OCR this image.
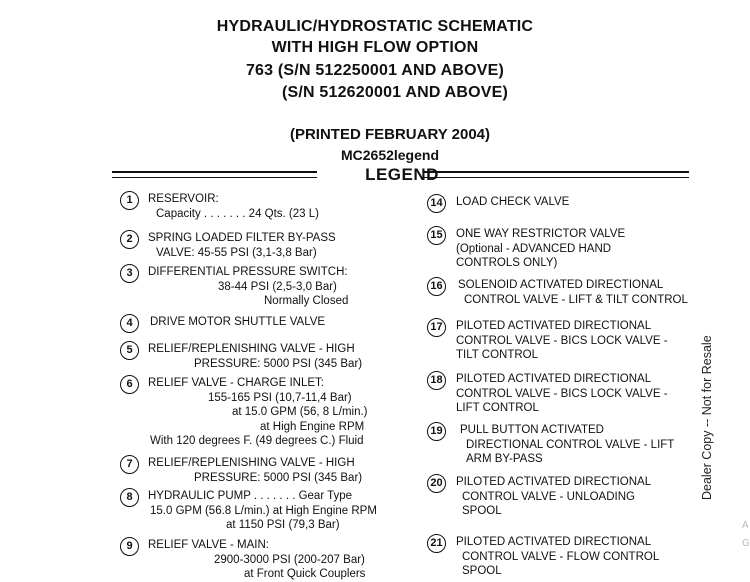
HYDRAULIC/HYDROSTATIC SCHEMATIC
WITH HIGH FLOW OPTION
763 (S/N 512250001 AND ABOVE)
(S/N 512620001 AND ABOVE)
(PRINTED FEBRUARY 2004)
MC2652legend
LEGEND
1	RESERVOIR:
Capacity . . . . . . . 24 Qts. (23 L)
2	SPRING LOADED FILTER BY-PASS
VALVE: 45-55 PSI (3,1-3,8 Bar)
3	DIFFERENTIAL PRESSURE SWITCH:
38-44 PSI (2,5-3,0 Bar)
Normally Closed
4	DRIVE MOTOR SHUTTLE VALVE
5	RELIEF/REPLENISHING VALVE - HIGH
PRESSURE: 5000 PSI (345 Bar)
6	RELIEF VALVE - CHARGE INLET:
155-165 PSI (10,7-11,4 Bar)
at 15.0 GPM (56, 8 L/min.)
at High Engine RPM
With 120 degrees F. (49 degrees C.) Fluid
7	RELIEF/REPLENISHING VALVE - HIGH
PRESSURE: 5000 PSI (345 Bar)
8	HYDRAULIC PUMP . . . . . . . Gear Type
15.0 GPM (56.8 L/min.) at High Engine RPM
at 1150 PSI (79,3 Bar)
9	RELIEF VALVE - MAIN:
2900-3000 PSI (200-207 Bar)
at Front Quick Couplers
14 LOAD CHECK VALVE
15 ONE WAY RESTRICTOR VALVE
(Optional - ADVANCED HAND
CONTROLS ONLY)
16 SOLENOID ACTIVATED DIRECTIONAL
CONTROL VALVE - LIFT & TILT CONTROL
17 PILOTED ACTIVATED DIRECTIONAL
CONTROL VALVE - BICS LOCK VALVE -
TILT CONTROL
18 PILOTED ACTIVATED DIRECTIONAL
CONTROL VALVE - BICS LOCK VALVE -
LIFT CONTROL
19 PULL BUTTON ACTIVATED
DIRECTIONAL CONTROL VALVE - LIFT
ARM BY-PASS
20 PILOTED ACTIVATED DIRECTIONAL
CONTROL VALVE - UNLOADING
SPOOL
21 PILOTED ACTIVATED DIRECTIONAL
CONTROL VALVE - FLOW CONTROL
SPOOL
Dealer Copy -- Not for Resale
A
G
